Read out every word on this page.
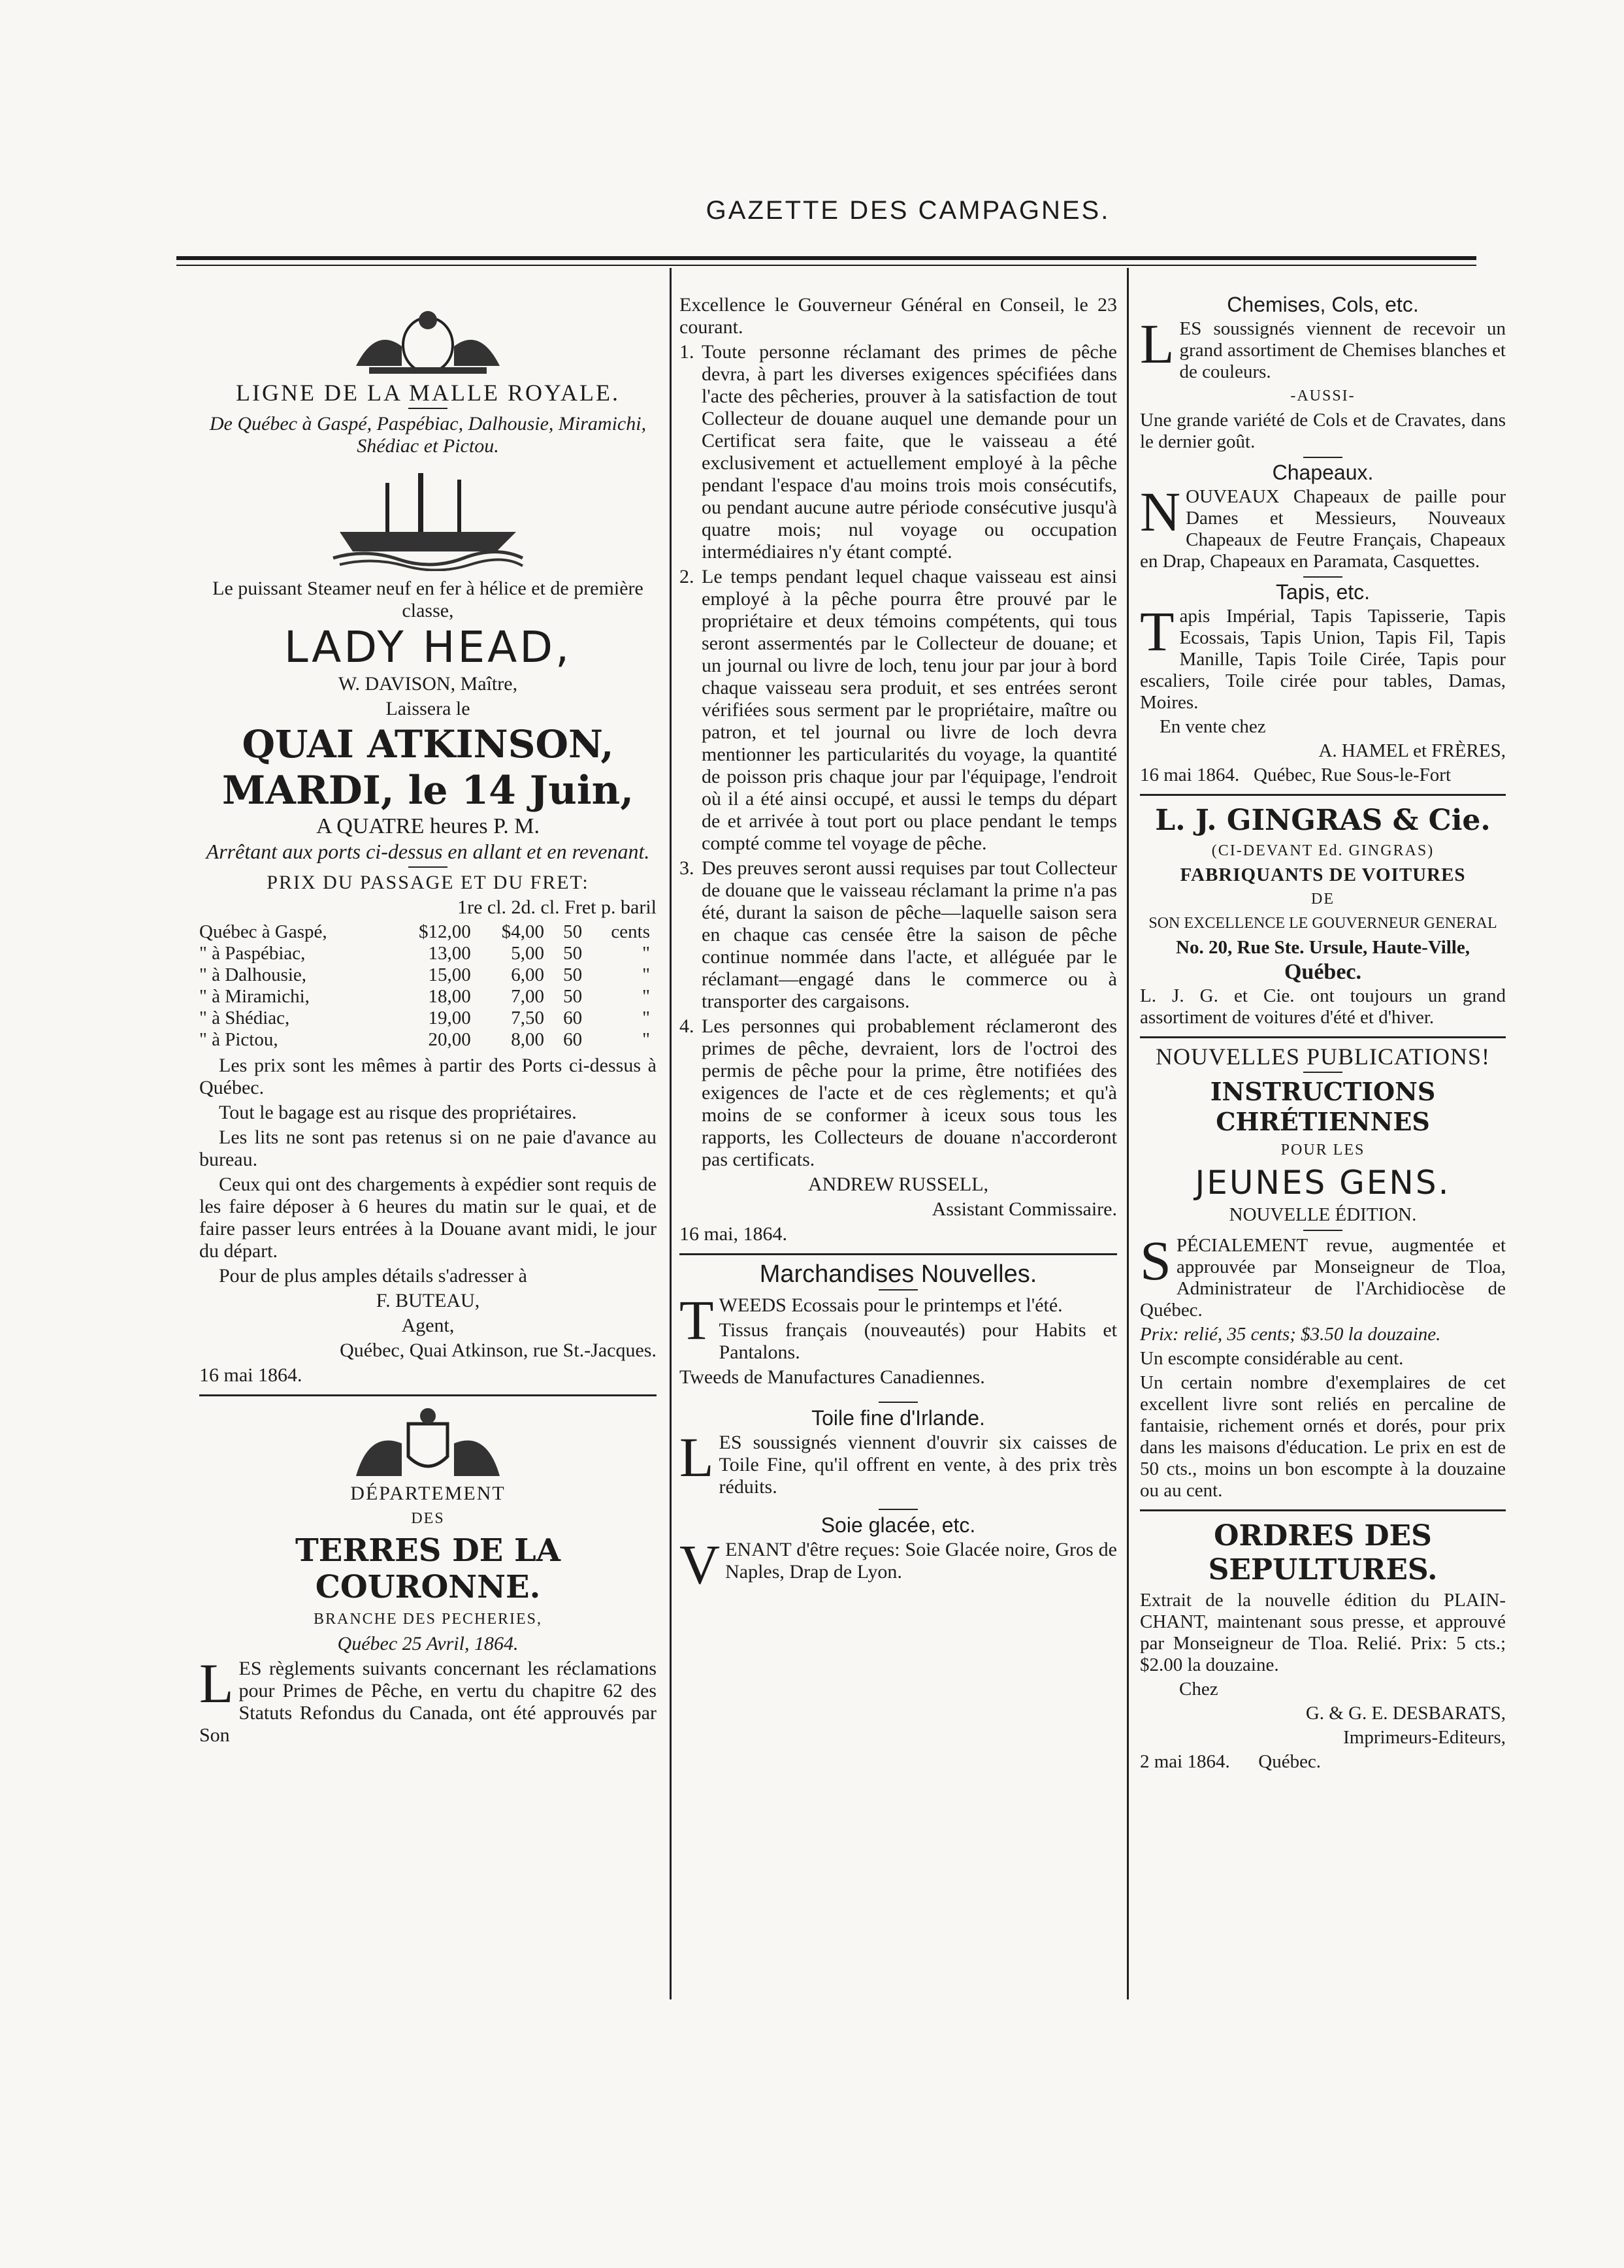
GAZETTE DES CAMPAGNES.

LIGNE DE LA MALLE ROYALE.

De Québec à Gaspé, Paspébiac, Dalhousie, Miramichi, Shédiac et Pictou.

Le puissant Steamer neuf en fer à hélice et de première classe,

LADY HEAD,

W. DAVISON, Maître,

Laissera le

QUAI ATKINSON,

MARDI, le 14 Juin,

A QUATRE heures P. M.

Arrêtant aux ports ci-dessus en allant et en revenant.

PRIX DU PASSAGE ET DU FRET:

1re cl. 2d. cl. Fret p. baril

Québec à Gaspé,	$12,00	$4,00	50	cents
" à Paspébiac,	13,00	5,00	50	"
" à Dalhousie,	15,00	6,00	50	"
" à Miramichi,	18,00	7,00	50	"
" à Shédiac,	19,00	7,50	60	"
" à Pictou,	20,00	8,00	60	"

Les prix sont les mêmes à partir des Ports ci-dessus à Québec.

Tout le bagage est au risque des propriétaires.

Les lits ne sont pas retenus si on ne paie d'avance au bureau.

Ceux qui ont des chargements à expédier sont requis de les faire déposer à 6 heures du matin sur le quai, et de faire passer leurs entrées à la Douane avant midi, le jour du départ.

Pour de plus amples détails s'adresser à

F. BUTEAU,

Agent,

Québec, Quai Atkinson, rue St.-Jacques.

16 mai 1864.

DÉPARTEMENT

DES

TERRES DE LA COURONNE.

BRANCHE DES PECHERIES,

Québec 25 Avril, 1864.

LES règlements suivants concernant les réclamations pour Primes de Pêche, en vertu du chapitre 62 des Statuts Refondus du Canada, ont été approuvés par Son

Excellence le Gouverneur Général en Conseil, le 23 courant.

1. Toute personne réclamant des primes de pêche devra, à part les diverses exigences spécifiées dans l'acte des pêcheries, prouver à la satisfaction de tout Collecteur de douane auquel une demande pour un Certificat sera faite, que le vaisseau a été exclusivement et actuellement employé à la pêche pendant l'espace d'au moins trois mois consécutifs, ou pendant aucune autre période consécutive jusqu'à quatre mois; nul voyage ou occupation intermédiaires n'y étant compté.
2. Le temps pendant lequel chaque vaisseau est ainsi employé à la pêche pourra être prouvé par le propriétaire et deux témoins compétents, qui tous seront assermentés par le Collecteur de douane; et un journal ou livre de loch, tenu jour par jour à bord chaque vaisseau sera produit, et ses entrées seront vérifiées sous serment par le propriétaire, maître ou patron, et tel journal ou livre de loch devra mentionner les particularités du voyage, la quantité de poisson pris chaque jour par l'équipage, l'endroit où il a été ainsi occupé, et aussi le temps du départ de et arrivée à tout port ou place pendant le temps compté comme tel voyage de pêche.
3. Des preuves seront aussi requises par tout Collecteur de douane que le vaisseau réclamant la prime n'a pas été, durant la saison de pêche—laquelle saison sera en chaque cas censée être la saison de pêche continue nommée dans l'acte, et alléguée par le réclamant—engagé dans le commerce ou à transporter des cargaisons.
4. Les personnes qui probablement réclameront des primes de pêche, devraient, lors de l'octroi des permis de pêche pour la prime, être notifiées des exigences de l'acte et de ces règlements; et qu'à moins de se conformer à iceux sous tous les rapports, les Collecteurs de douane n'accorderont pas certificats.

ANDREW RUSSELL,

Assistant Commissaire.

16 mai, 1864.

Marchandises Nouvelles.

TWEEDS Ecossais pour le printemps et l'été.

Tissus français (nouveautés) pour Habits et Pantalons.

Tweeds de Manufactures Canadiennes.

Toile fine d'Irlande.

LES soussignés viennent d'ouvrir six caisses de Toile Fine, qu'il offrent en vente, à des prix très réduits.

Soie glacée, etc.

VENANT d'être reçues: Soie Glacée noire, Gros de Naples, Drap de Lyon.

Chemises, Cols, etc.

LES soussignés viennent de recevoir un grand assortiment de Chemises blanches et de couleurs.

-AUSSI-

Une grande variété de Cols et de Cravates, dans le dernier goût.

Chapeaux.

NOUVEAUX Chapeaux de paille pour Dames et Messieurs, Nouveaux Chapeaux de Feutre Français, Chapeaux en Drap, Chapeaux en Paramata, Casquettes.

Tapis, etc.

Tapis Impérial, Tapis Tapisserie, Tapis Ecossais, Tapis Union, Tapis Fil, Tapis Manille, Tapis Toile Cirée, Tapis pour escaliers, Toile cirée pour tables, Damas, Moires.

En vente chez

A. HAMEL et FRÈRES,

16 mai 1864. Québec, Rue Sous-le-Fort

L. J. GINGRAS & Cie.

(CI-DEVANT Ed. GINGRAS)

FABRIQUANTS DE VOITURES

DE

SON EXCELLENCE LE GOUVERNEUR GENERAL

No. 20, Rue Ste. Ursule, Haute-Ville,

Québec.

L. J. G. et Cie. ont toujours un grand assortiment de voitures d'été et d'hiver.

NOUVELLES PUBLICATIONS!

INSTRUCTIONS CHRÉTIENNES

POUR LES

JEUNES GENS.

NOUVELLE ÉDITION.

SPÉCIALEMENT revue, augmentée et approuvée par Monseigneur de Tloa, Administrateur de l'Archidiocèse de Québec.

Prix: relié, 35 cents; $3.50 la douzaine.

Un escompte considérable au cent.

Un certain nombre d'exemplaires de cet excellent livre sont reliés en percaline de fantaisie, richement ornés et dorés, pour prix dans les maisons d'éducation. Le prix en est de 50 cts., moins un bon escompte à la douzaine ou au cent.

ORDRES DES SEPULTURES.

Extrait de la nouvelle édition du PLAIN-CHANT, maintenant sous presse, et approuvé par Monseigneur de Tloa. Relié. Prix: 5 cts.; $2.00 la douzaine.

Chez

G. & G. E. DESBARATS,

Imprimeurs-Editeurs,

2 mai 1864. Québec.
